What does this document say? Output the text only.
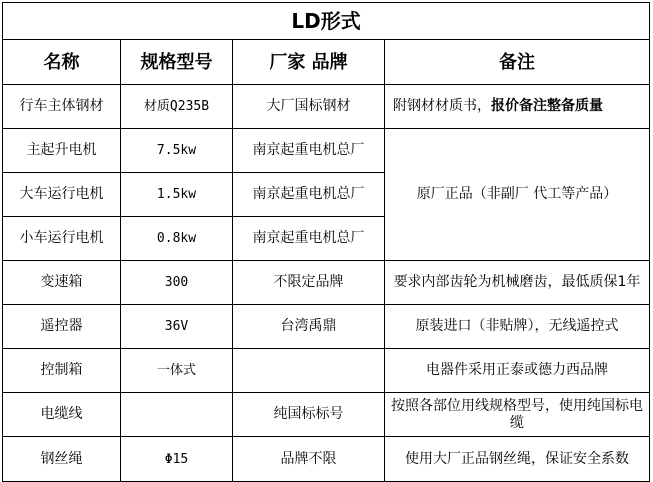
LD形式			
名称	规格型号	厂家 品牌	备注
行车主体钢材	材质Q235B	大厂国标钢材	附钢材材质书，报价备注整备质量
主起升电机	7.5kw	南京起重电机总厂	原厂正品（非副厂 代工等产品）
大车运行电机	1.5kw	南京起重电机总厂	
小车运行电机	0.8kw	南京起重电机总厂	
变速箱	300	不限定品牌	要求内部齿轮为机械磨齿，最低质保1年
遥控器	36V	台湾禹鼎	原装进口（非贴牌），无线遥控式
控制箱	一体式		电器件采用正泰或德力西品牌
电缆线		纯国标标号	按照各部位用线规格型号，使用纯国标电缆
钢丝绳	Φ15	品牌不限	使用大厂正品钢丝绳，保证安全系数
